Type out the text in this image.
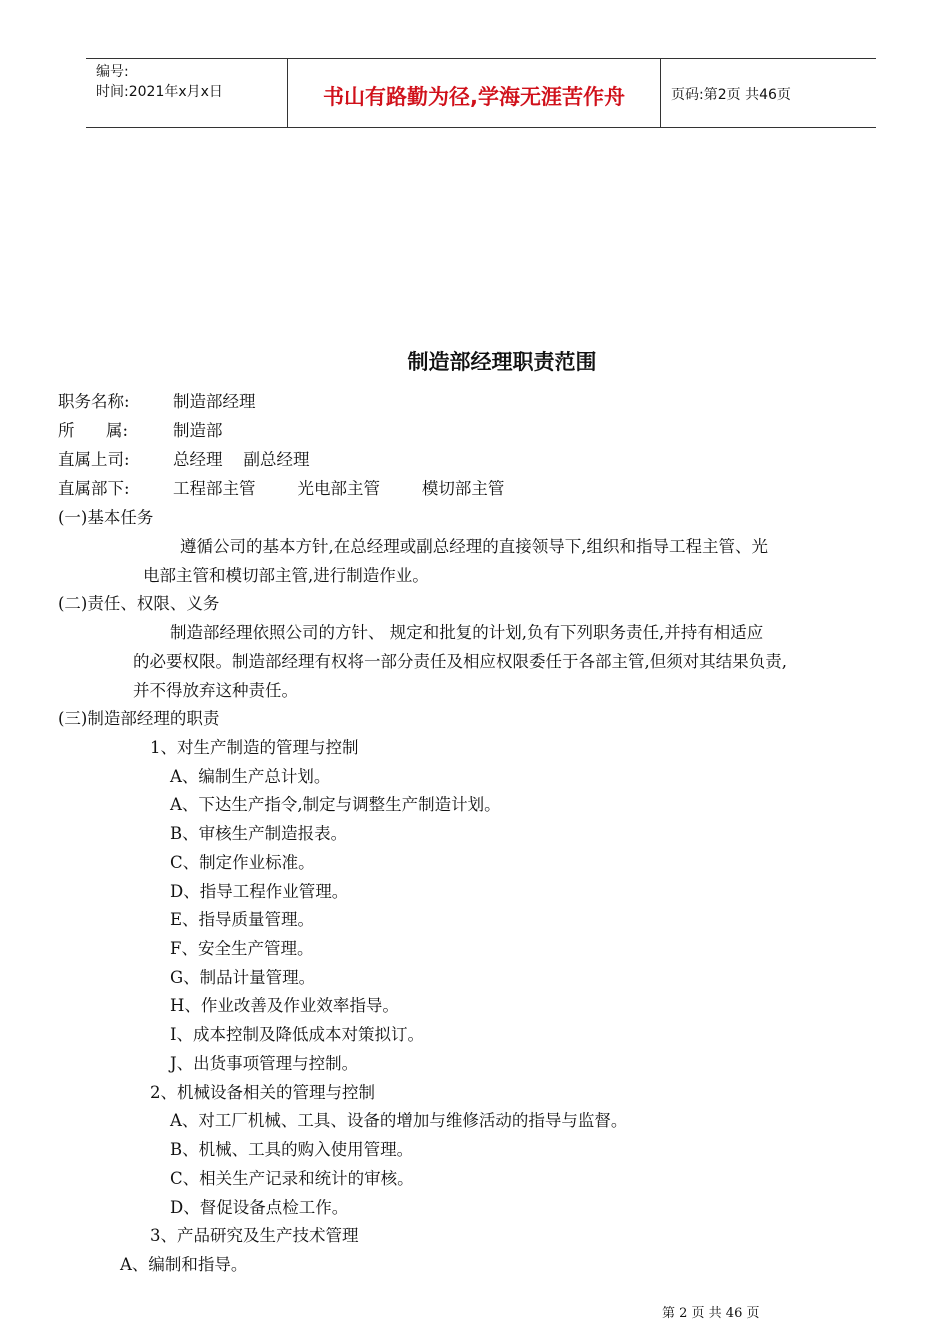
编号:
时间:2021年x月x日	书山有路勤为径,学海无涯苦作舟	页码:第2页 共46页
制造部经理职责范围
职务名称:	制造部经理
所      属:	制造部
直属上司:	总经理    副总经理
直属部下:	工程部主管        光电部主管        模切部主管
(一)基本任务
遵循公司的基本方针,在总经理或副总经理的直接领导下,组织和指导工程主管、光
电部主管和模切部主管,进行制造作业。
(二)责任、权限、义务
制造部经理依照公司的方针、 规定和批复的计划,负有下列职务责任,并持有相适应
的必要权限。制造部经理有权将一部分责任及相应权限委任于各部主管,但须对其结果负责,
并不得放弃这种责任。
(三)制造部经理的职责
1、对生产制造的管理与控制
A、编制生产总计划。
A、下达生产指令,制定与调整生产制造计划。
B、审核生产制造报表。
C、制定作业标准。
D、指导工程作业管理。
E、指导质量管理。
F、安全生产管理。
G、制品计量管理。
H、作业改善及作业效率指导。
I、成本控制及降低成本对策拟订。
J、出货事项管理与控制。
2、机械设备相关的管理与控制
A、对工厂机械、工具、设备的增加与维修活动的指导与监督。
B、机械、工具的购入使用管理。
C、相关生产记录和统计的审核。
D、督促设备点检工作。
3、产品研究及生产技术管理
A、编制和指导。
第 2 页 共 46 页
